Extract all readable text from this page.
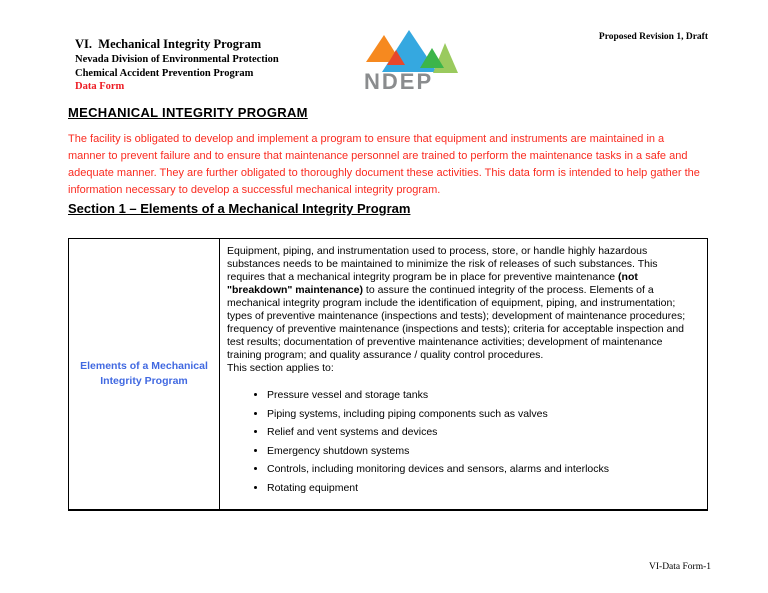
VI.  Mechanical Integrity Program
Nevada Division of Environmental Protection
Chemical Accident Prevention Program
Data Form	NDEP
Proposed Revision 1, Draft
MECHANICAL INTEGRITY PROGRAM

The facility is obligated to develop and implement a program to ensure that equipment and instruments are maintained in a manner to prevent failure and to ensure that maintenance personnel are trained to perform the maintenance tasks in a safe and adequate manner. They are further obligated to thoroughly document these activities. This data form is intended to help gather the information necessary to develop a successful mechanical integrity program.

Section 1 – Elements of a Mechanical Integrity Program
Elements of a Mechanical Integrity Program

Equipment, piping, and instrumentation used to process, store, or handle highly hazardous substances needs to be maintained to minimize the risk of releases of such substances. This requires that a mechanical integrity program be in place for preventive maintenance (not "breakdown" maintenance) to assure the continued integrity of the process. Elements of a mechanical integrity program include the identification of equipment, piping, and instrumentation; types of preventive maintenance (inspections and tests); development of maintenance procedures; frequency of preventive maintenance (inspections and tests); criteria for acceptable inspection and test results; documentation of preventive maintenance activities; development of maintenance training program; and quality assurance / quality control procedures.

This section applies to:

• Pressure vessel and storage tanks
• Piping systems, including piping components such as valves
• Relief and vent systems and devices
• Emergency shutdown systems
• Controls, including monitoring devices and sensors, alarms and interlocks
• Rotating equipment
VI-Data Form-1
